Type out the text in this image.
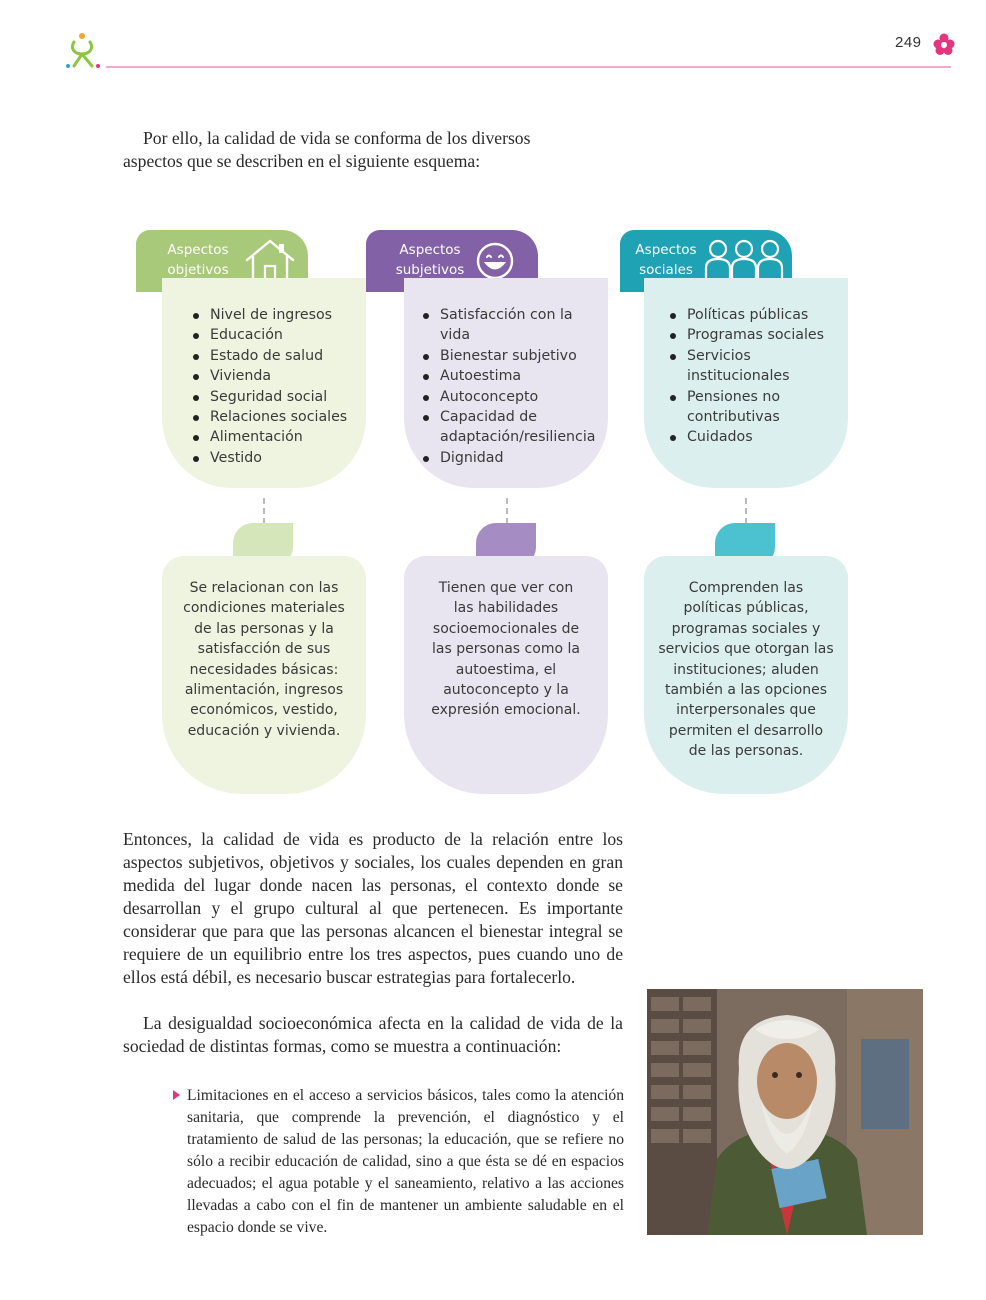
249

Por ello, la calidad de vida se conforma de los diversos aspectos que se describen en el siguiente esquema:

Aspectos
objetivos
Nivel de ingresos
Educación
Estado de salud
Vivienda
Seguridad social
Relaciones sociales
Alimentación
Vestido
Se relacionan con las condiciones materiales de las personas y la satisfacción de sus necesidades básicas: alimentación, ingresos económicos, vestido, educación y vivienda.
Aspectos
subjetivos
Satisfacción con la vida
Bienestar subjetivo
Autoestima
Autoconcepto
Capacidad de adaptación/resiliencia
Dignidad
Tienen que ver con las habilidades socioemocionales de las personas como la autoestima, el autoconcepto y la expresión emocional.
Aspectos
sociales
Políticas públicas
Programas sociales
Servicios institucionales
Pensiones no contributivas
Cuidados
Comprenden las políticas públicas, programas sociales y servicios que otorgan las instituciones; aluden también a las opciones interpersonales que permiten el desarrollo de las personas.
Entonces, la calidad de vida es producto de la relación entre los aspectos subjetivos, objetivos y sociales, los cuales dependen en gran medida del lugar donde nacen las personas, el contexto donde se desarrollan y el grupo cultural al que pertenecen. Es importante considerar que para que las personas alcancen el bienestar integral se requiere de un equilibrio entre los tres aspectos, pues cuando uno de ellos está débil, es necesario buscar estrategias para fortalecerlo.

La desigualdad socioeconómica afecta en la calidad de vida de la sociedad de distintas formas, como se muestra a continuación:

Limitaciones en el acceso a servicios básicos, tales como la atención sanitaria, que comprende la prevención, el diagnóstico y el tratamiento de salud de las personas; la educación, que se refiere no sólo a recibir educación de calidad, sino a que ésta se dé en espacios adecuados; el agua potable y el saneamiento, relativo a las acciones llevadas a cabo con el fin de mantener un ambiente saludable en el espacio donde se vive.
